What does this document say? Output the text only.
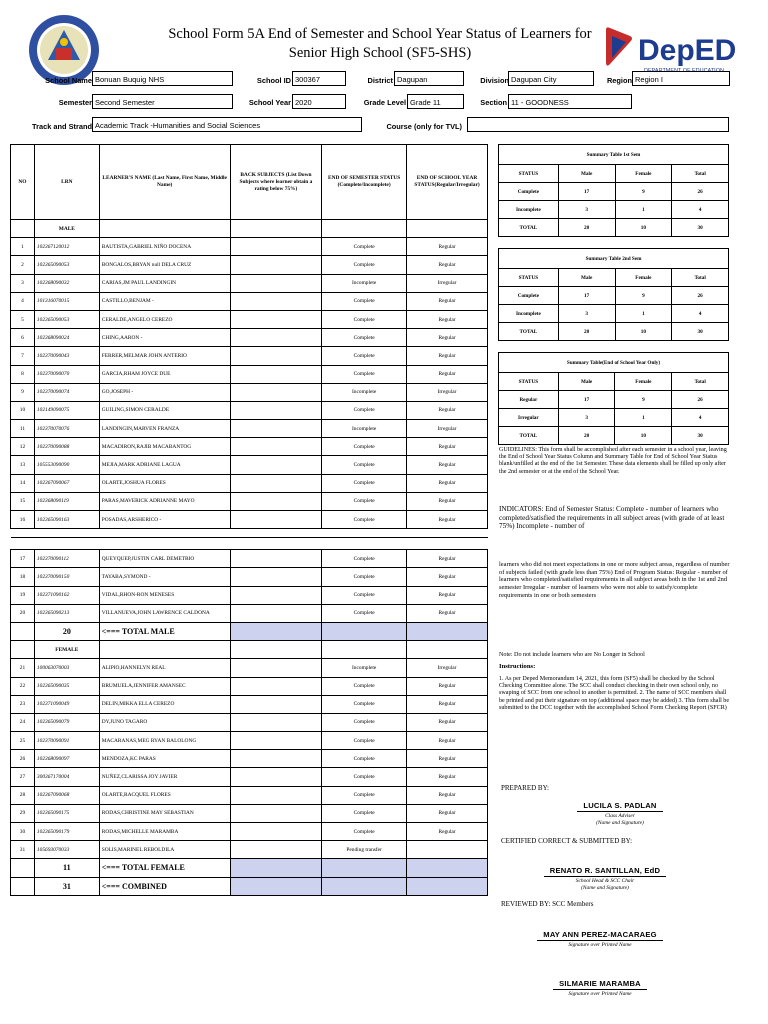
DepED
DEPARTMENT OF EDUCATION
School Form 5A End of Semester and School Year Status of Learners for
Senior High School (SF5-SHS)
School Name Bonuan Buquig NHS	School ID 300367	District Dagupan	Division Dagupan City	Region Region I
Semester Second Semester	School Year 2020	Grade Level Grade 11	Section 11 - GOODNESS
Track and Strand Academic Track -Humanities and Social Sciences	Course (only for TVL)
NO	LRN	LEARNER'S NAME (Last Name, First Name, Middle Name)	BACK SUBJECTS (List Down Subjects where learner obtain a rating below 75%)	END OF SEMESTER STATUS (Complete/Incomplete)	END OF SCHOOL YEAR STATUS(Regular/Irregular)

	MALE				
1	102367120012	BAUTISTA,GABRIEL NIÑO DOCENA		Complete	Regular
2	102365090053	BONGALOS,BRYAN null DELA CRUZ		Complete	Regular
3	102368090032	CARIAS,JM PAUL LANDINGIN		Incomplete	Irregular
4	101316070015	CASTILLO,BENJAM -		Complete	Regular
5	102365090053	CERALDE,ANGELO CEREZO		Complete	Regular
6	102368090024	CHING,AARON -		Complete	Regular
7	102370090043	FERRER,MELMAR JOHN ANTERIO		Complete	Regular
8	102370090070	GARCIA,RHAM JOYCE DUE		Complete	Regular
9	102370090074	GO,JOSEPH -		Incomplete	Irregular
10	102149090075	GUILING,SIMON CERALDE		Complete	Regular
11	102370070076	LANDINGIN,MARVEN FRANZA		Incomplete	Irregular
12	102370090088	MACADIRON,RAJIB MACABANTOG		Complete	Regular
13	105553090090	MEJIA,MARK ADRIANE LAGUA		Complete	Regular
14	102367090067	OLARTE,JOSHUA FLORES		Complete	Regular
15	102368090119	PARAS,MAVERICK ADRIANNE MAYO		Complete	Regular
16	102365090163	POSADAS,ARSHERICO -		Complete	Regular

17	102370090112	QUEYQUEP,JUSTIN CARL DEMETRIO		Complete	Regular
18	102370090150	TAYABA,SYMOND -		Complete	Regular
19	102371090162	VIDAL,RHON-RON MENESES		Complete	Regular
20	102365090213	VILLANUEVA,JOHN LAWRENCE CALDONA		Complete	Regular
	20	<=== TOTAL MALE			
	FEMALE				
21	100063070003	ALIPIO,HANNELYN REAL		Incomplete	Irregular
22	102365090035	BRUMUELA,JENNIFER AMANSEC		Complete	Regular
23	102371090049	DELIN,MIKKA ELLA CEREZO		Complete	Regular
24	102365090079	DY,JUNO TAGARO		Complete	Regular
25	102370090091	MACARANAS,MEG RYAN BALOLONG		Complete	Regular
26	102368090097	MENDOZA,KC PARAS		Complete	Regular
27	300367170004	NUÑEZ,CLARISSA JOY JAVIER		Complete	Regular
28	102367090068	OLARTE,RACQUEL FLORES		Complete	Regular
29	102365090175	RODAS,CHRISTINE MAY SEBASTIAN		Complete	Regular
30	102365090179	RODAS,MICHELLE MARAMBA		Complete	Regular
31	105693070033	SOLIS,MARINEL REBOLDILA		Pending transfer	
	11	<=== TOTAL FEMALE			
	31	<=== COMBINED			
Summary Table 1st Sem			
STATUS	Male	Female	Total
Complete	17	9	26
Incomplete	3	1	4
TOTAL	20	10	30
Summary Table 2nd Sem			
STATUS	Male	Female	Total
Complete	17	9	26
Incomplete	3	1	4
TOTAL	20	10	30
Summary Table(End of School Year Only)			
STATUS	Male	Female	Total
Regular	17	9	26
Irregular	3	1	4
TOTAL	20	10	30
GUIDELINES: This form shall be accomplished after each semester in a school year, leaving the End of School Year Status Column and Summary Table for End of School Year Status blank/unfilled at the end of the 1st Semester. These data elements shall be filled up only after the 2nd semester or at the end of the School Year.
INDICATORS: End of Semester Status: Complete - number of learners who completed/satisfied the requirements in all subject areas (with grade of at least 75%) Incomplete - number of
learners who did not meet expectations in one or more subject areas, regardless of number of subjects failed (with grade less than 75%) End of Program Status: Regular - number of learners who completed/satisfied requirements in all subject areas both in the 1st and 2nd semester Irregular - number of learners who were not able to satisfy/complete requirements in one or both semesters
Note: Do not include learners who are No Longer in School
Instructions:
1. As per Deped Memorandum 14, 2021, this form (SF5) shall be checked by the School Checking Committee alone. The SCC shall conduct checking in their own school only, no swaping of SCC from one school to another is permitted. 2. The name of SCC members shall be printed and put their signature on top (additional space may be added) 3. This form shall be submitted to the DCC together with the accomplished School Form Checking Report (SFCR)
PREPARED BY:
LUCILA S. PADLAN
Class Adviser
(Name and Signature)
CERTIFIED CORRECT & SUBMITTED BY:
RENATO R. SANTILLAN, EdD
School Head & SCC Chair
(Name and Signature)
REVIEWED BY: SCC Members
MAY ANN PEREZ-MACARAEG
Signature over Printed Name
SILMARIE MARAMBA
Signature over Printed Name
